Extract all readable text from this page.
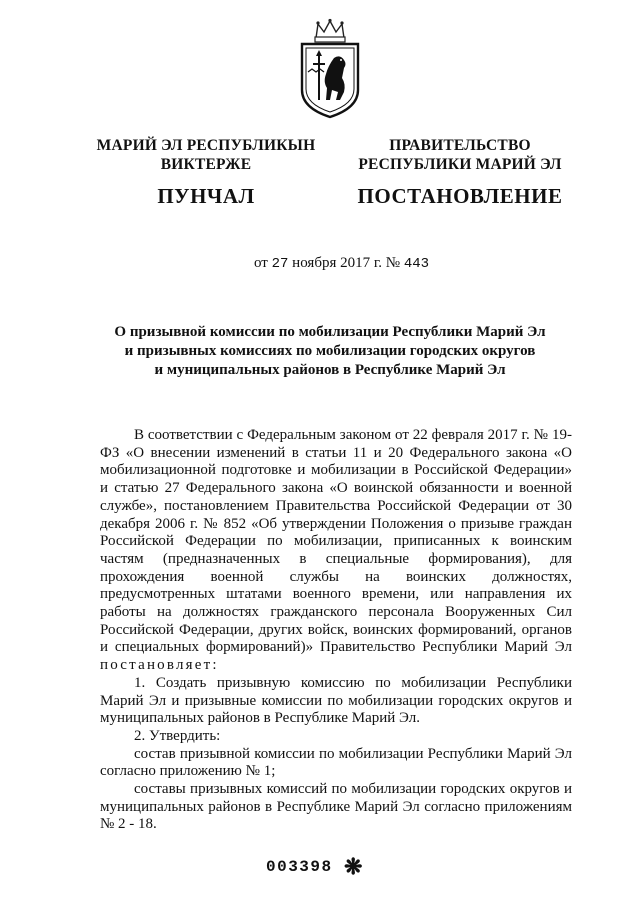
МАРИЙ ЭЛ РЕСПУБЛИКЫН
ВИКТЕРЖЕ
ПУНЧАЛ
ПРАВИТЕЛЬСТВО
РЕСПУБЛИКИ МАРИЙ ЭЛ
ПОСТАНОВЛЕНИЕ
от 27 ноября 2017 г. № 443
О призывной комиссии по мобилизации Республики Марий Эл
и призывных комиссиях по мобилизации городских округов
и муниципальных районов в Республике Марий Эл

В соответствии с Федеральным законом от 22 февраля 2017 г. № 19-ФЗ «О внесении изменений в статьи 11 и 20 Федерального закона «О мобилизационной подготовке и мобилизации в Российской Федерации» и статью 27 Федерального закона «О воинской обязанности и военной службе», постановлением Правительства Российской Федерации от 30 декабря 2006 г. № 852 «Об утверждении Положения о призыве граждан Российской Федерации по мобилизации, приписанных к воинским частям (предназначенных в специальные формирования), для прохождения военной службы на воинских должностях, предусмотренных штатами военного времени, или направления их работы на должностях гражданского персонала Вооруженных Сил Российской Федерации, других войск, воинских формирований, органов и специальных формирований)» Правительство Республики Марий Эл постановляет:

1. Создать призывную комиссию по мобилизации Республики Марий Эл и призывные комиссии по мобилизации городских округов и муниципальных районов в Республике Марий Эл.

2. Утвердить:

состав призывной комиссии по мобилизации Республики Марий Эл согласно приложению № 1;

составы призывных комиссий по мобилизации городских округов и муниципальных районов в Республике Марий Эл согласно приложениям № 2 - 18.

003398 ❋
